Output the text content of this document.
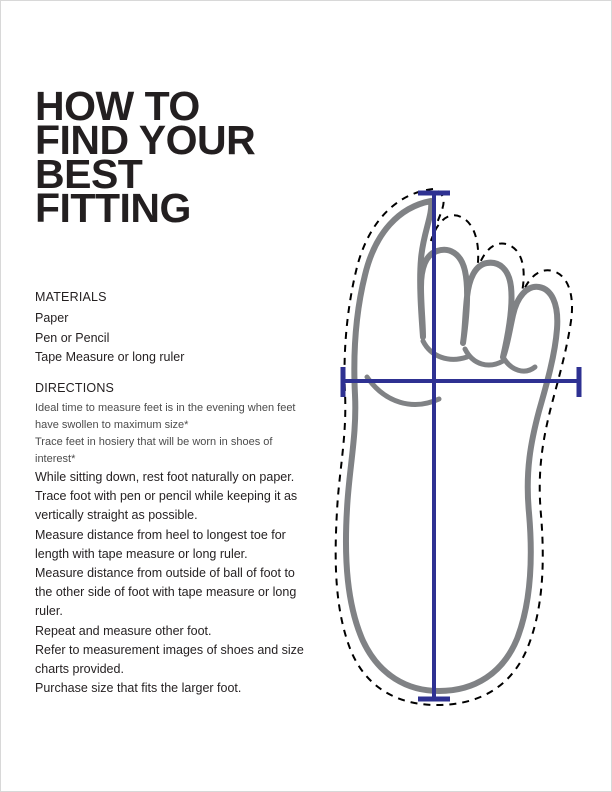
HOW TO
FIND YOUR
BEST
FITTING
MATERIALS
Paper
Pen or Pencil
Tape Measure or long ruler
DIRECTIONS
Ideal time to measure feet is in the evening when feet have swollen to maximum size*
Trace feet in hosiery that will be worn in shoes of interest*
While sitting down, rest foot naturally on paper.
Trace foot with pen or pencil while keeping it as vertically straight as possible.
Measure distance from heel to longest toe for length with tape measure or long ruler.
Measure distance from outside of ball of foot to the other side of foot with tape measure or long ruler.
Repeat and measure other foot.
Refer to measurement images of shoes and size charts provided.
Purchase size that fits the larger foot.
